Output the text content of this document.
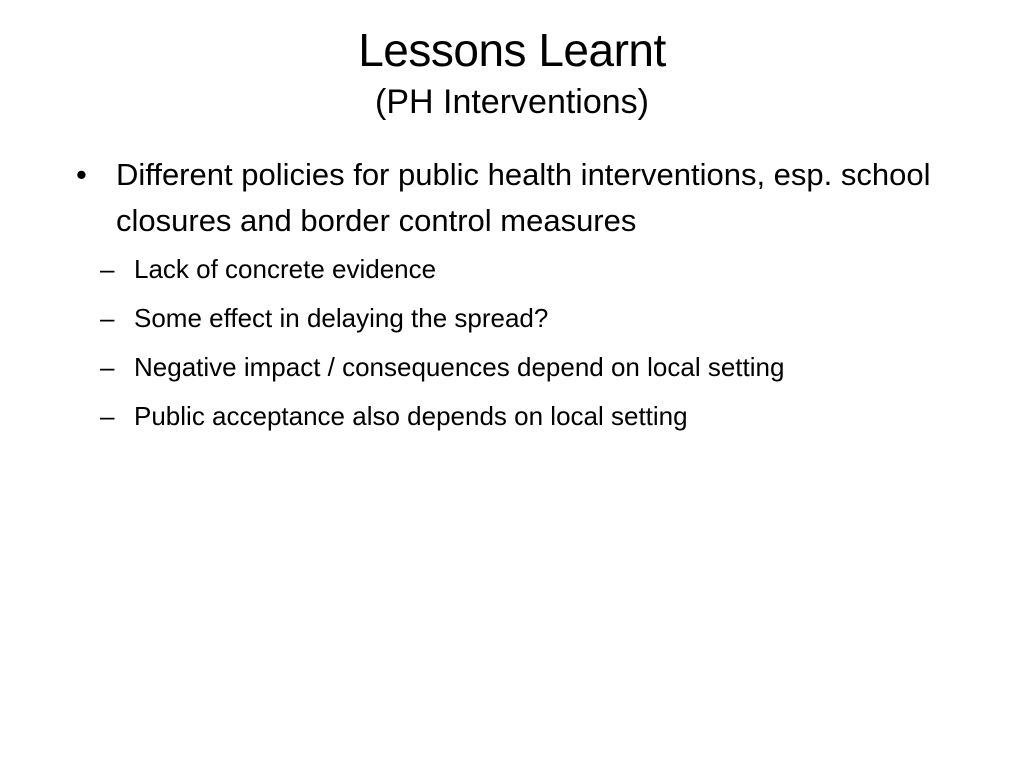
Lessons Learnt
(PH Interventions)
• Different policies for public health interventions, esp. school closures and border control measures
– Lack of concrete evidence
– Some effect in delaying the spread?
– Negative impact / consequences depend on local setting
– Public acceptance also depends on local setting
